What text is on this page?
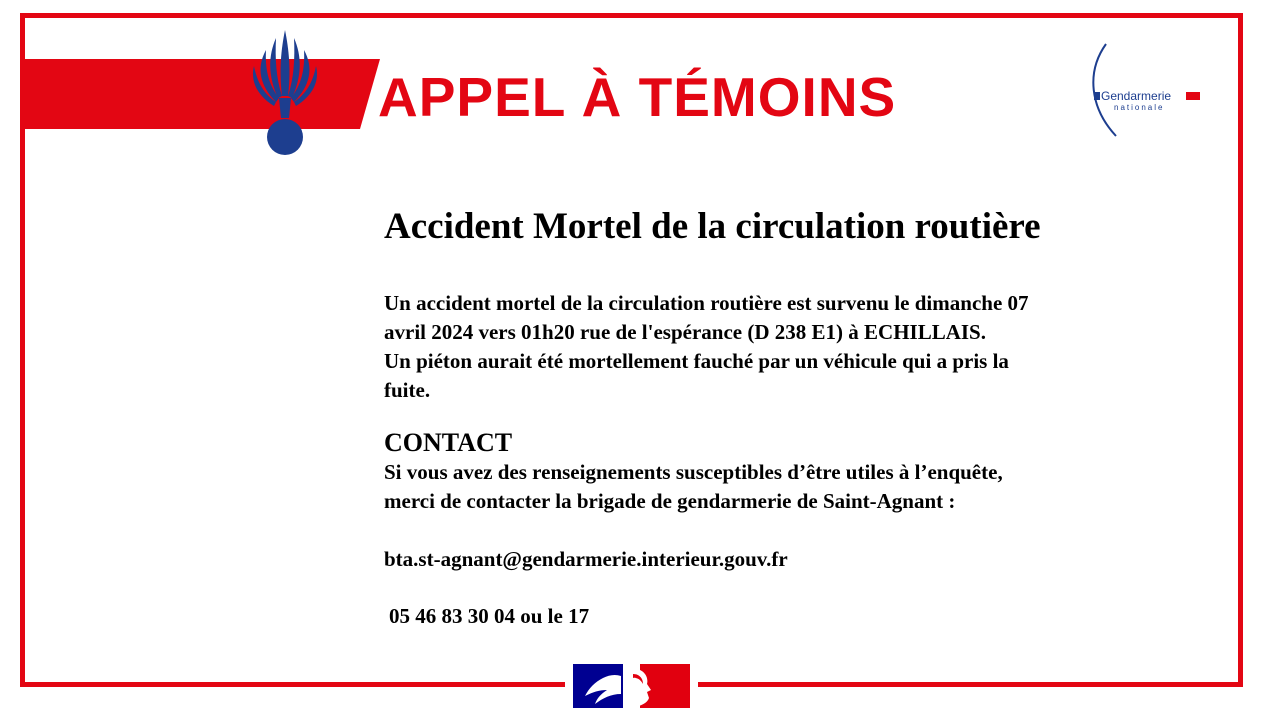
APPEL À TÉMOINS	Gendarmerie
nationale
Accident Mortel de la circulation routière
Un accident mortel de la circulation routière est survenu le dimanche 07
avril 2024 vers 01h20 rue de l'espérance (D 238 E1) à ECHILLAIS.
Un piéton aurait été mortellement fauché par un véhicule qui a pris la
fuite.
CONTACT
Si vous avez des renseignements susceptibles d’être utiles à l’enquête,
merci de contacter la brigade de gendarmerie de Saint-Agnant :
bta.st-agnant@gendarmerie.interieur.gouv.fr
05 46 83 30 04 ou le 17
